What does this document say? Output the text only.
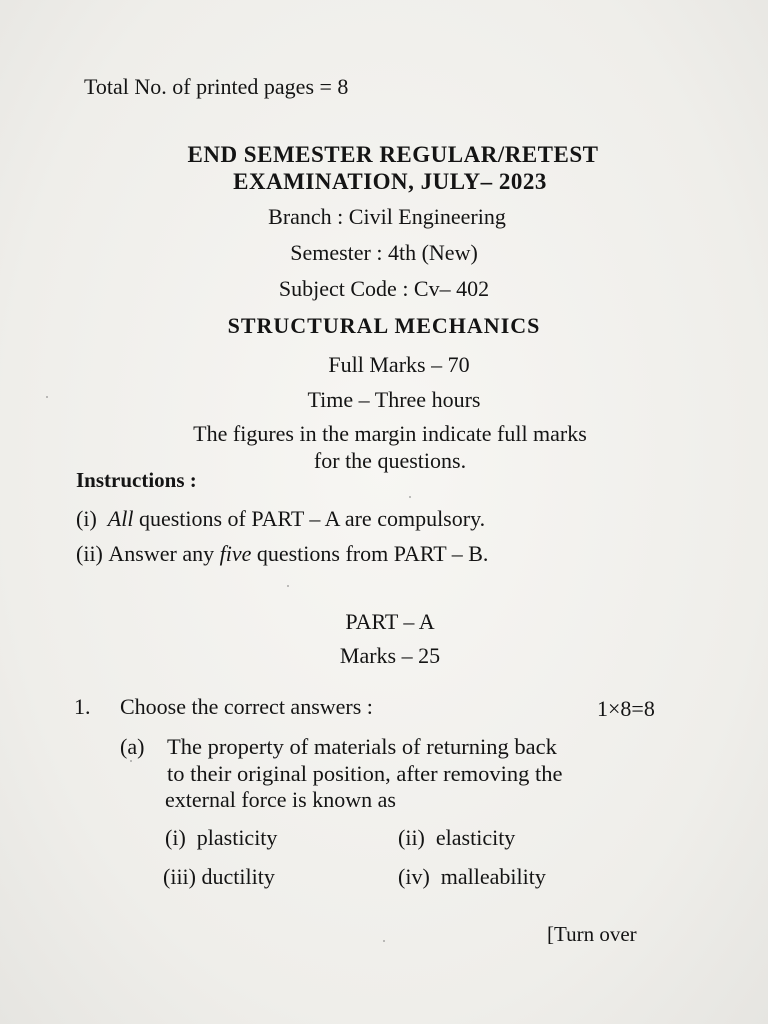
Total No. of printed pages = 8
END SEMESTER REGULAR/RETEST
EXAMINATION, JULY– 2023
Branch : Civil Engineering
Semester : 4th (New)
Subject Code : Cv– 402
STRUCTURAL MECHANICS
Full Marks – 70
Time – Three hours
The figures in the margin indicate full marks
for the questions.
Instructions :
(i) All questions of PART – A are compulsory.
(ii) Answer any five questions from PART – B.
PART – A
Marks – 25
1. Choose the correct answers :	1×8=8
(a) The property of materials of returning back
to their original position, after removing the
external force is known as
(i) plasticity	(ii) elasticity
(iii) ductility	(iv) malleability
[Turn over
